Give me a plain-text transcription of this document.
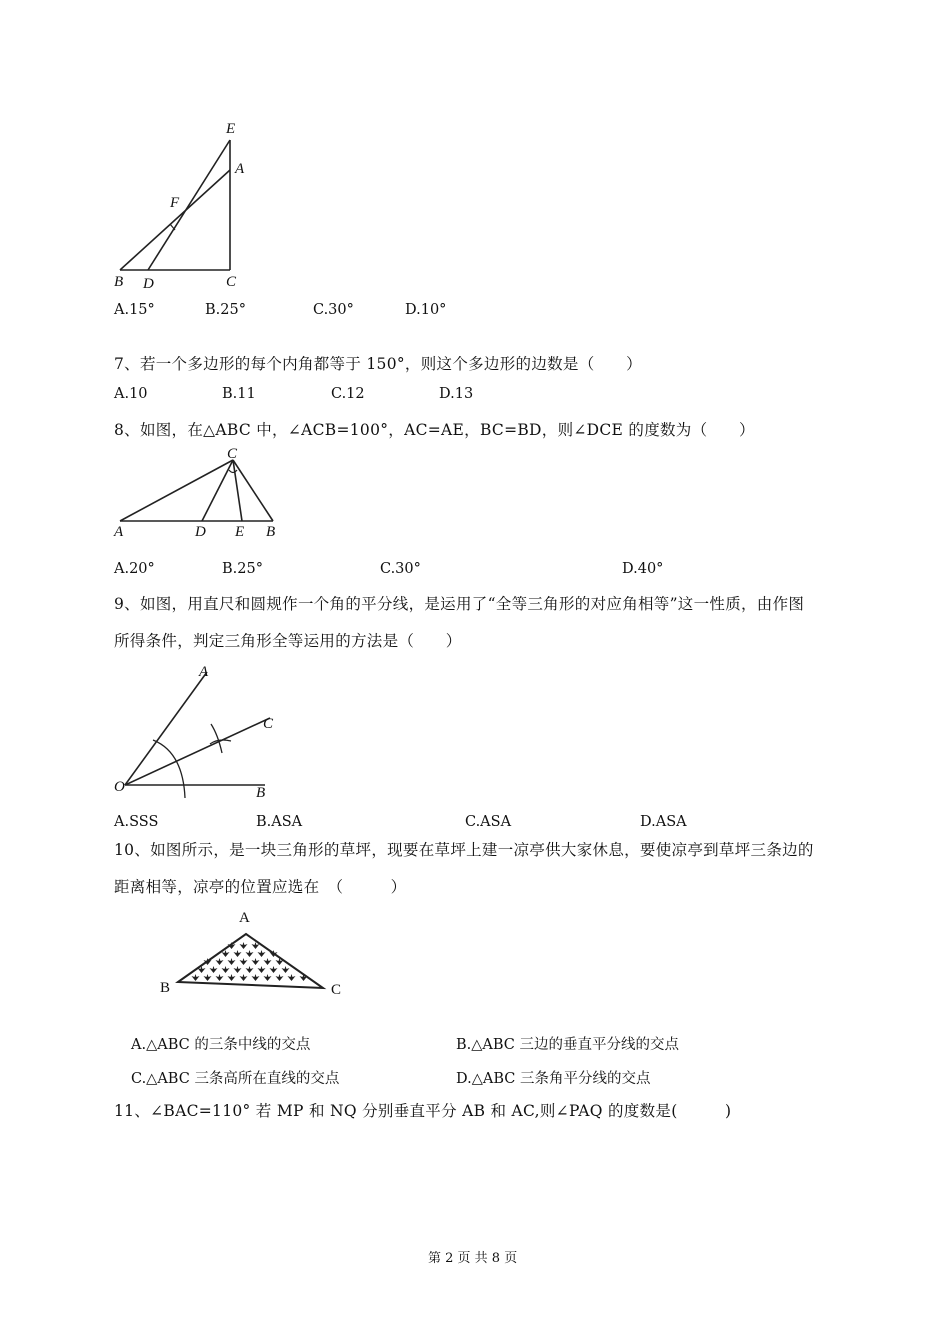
E
A
F
B D	C
A.15°	B.25°	C.30°	D.10°
7、若一个多边形的每个内角都等于 150°，则这个多边形的边数是（　　）
A.10	B.11	C.12	D.13
8、如图，在△ABC 中，∠ACB=100°，AC=AE，BC=BD，则∠DCE 的度数为（　　）
C
A	D E B
A.20°	B.25°	C.30°	D.40°
9、如图，用直尺和圆规作一个角的平分线，是运用了“全等三角形的对应角相等”这一性质，由作图
所得条件，判定三角形全等运用的方法是（　　）
A
C
O	B
A.SSS	B.ASA	C.ASA	D.ASA
10、如图所示，是一块三角形的草坪，现要在草坪上建一凉亭供大家休息，要使凉亭到草坪三条边的
距离相等，凉亭的位置应选在　（　　　）
A
B	C
A.△ABC 的三条中线的交点	B.△ABC 三边的垂直平分线的交点
C.△ABC 三条高所在直线的交点	D.△ABC 三条角平分线的交点
11、∠BAC=110° 若 MP 和 NQ 分别垂直平分 AB 和 AC,则∠PAQ 的度数是(　　　)
第 2 页 共 8 页
